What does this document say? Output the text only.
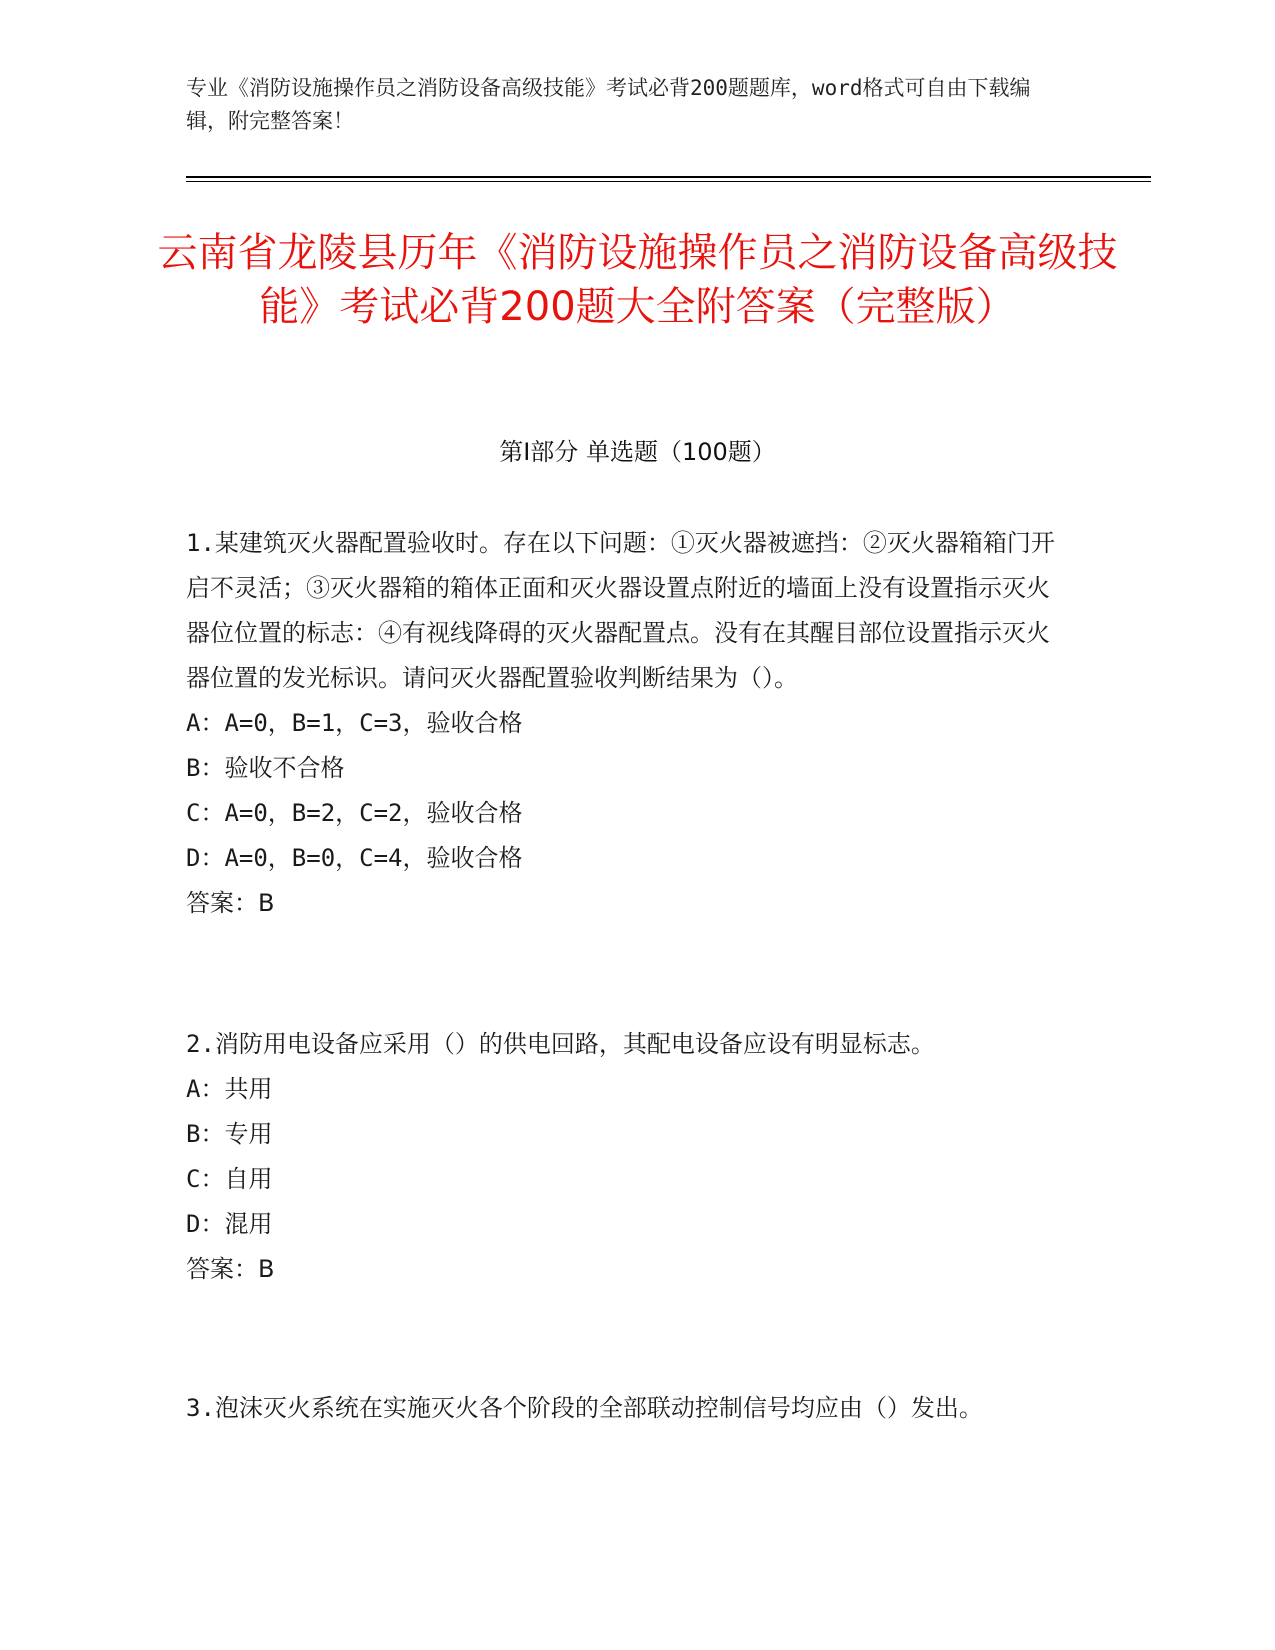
专业《消防设施操作员之消防设备高级技能》考试必背200题题库，word格式可自由下载编辑，附完整答案！
云南省龙陵县历年《消防设施操作员之消防设备高级技能》考试必背200题大全附答案（完整版）
第I部分 单选题（100题）

1.某建筑灭火器配置验收时。存在以下问题：①灭火器被遮挡：②灭火器箱箱门开启不灵活；③灭火器箱的箱体正面和灭火器设置点附近的墙面上没有设置指示灭火器位位置的标志：④有视线降碍的灭火器配置点。没有在其醒目部位设置指示灭火器位置的发光标识。请问灭火器配置验收判断结果为（）。

A：A=0，B=1，C=3，验收合格

B：验收不合格

C：A=0，B=2，C=2，验收合格

D：A=0，B=0，C=4，验收合格

答案：B

2.消防用电设备应采用（）的供电回路，其配电设备应设有明显标志。

A：共用

B：专用

C：自用

D：混用

答案：B

3.泡沫灭火系统在实施灭火各个阶段的全部联动控制信号均应由（）发出。
